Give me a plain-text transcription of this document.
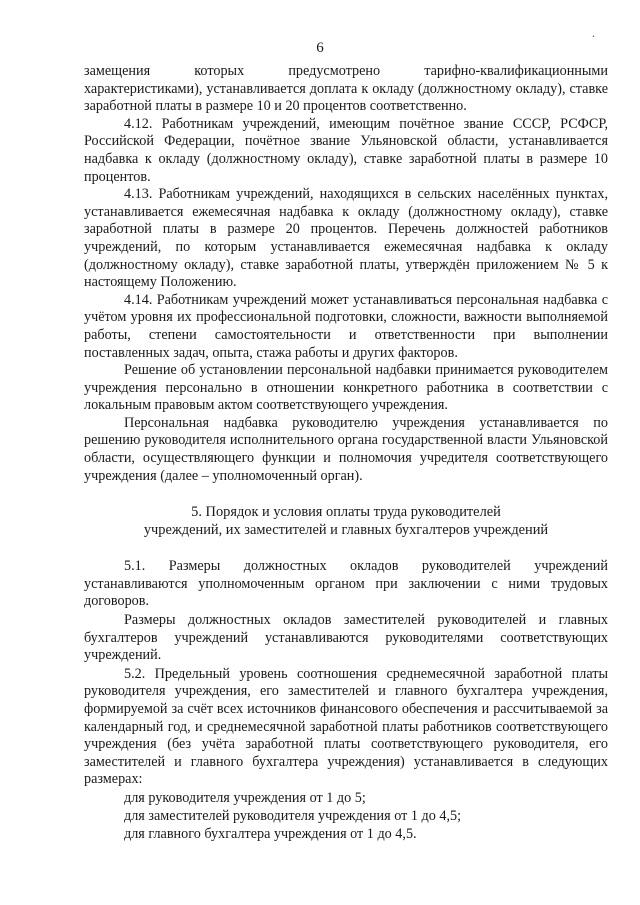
6
.

замещения которых предусмотрено тарифно-квалификационными характеристиками), устанавливается доплата к окладу (должностному окладу), ставке заработной платы в размере 10 и 20 процентов соответственно.

4.12. Работникам учреждений, имеющим почётное звание СССР, РСФСР, Российской Федерации, почётное звание Ульяновской области, устанавливается надбавка к окладу (должностному окладу), ставке заработной платы в размере 10 процентов.

4.13. Работникам учреждений, находящихся в сельских населённых пунктах, устанавливается ежемесячная надбавка к окладу (должностному окладу), ставке заработной платы в размере 20 процентов. Перечень должностей работников учреждений, по которым устанавливается ежемесячная надбавка к окладу (должностному окладу), ставке заработной платы, утверждён приложением № 5 к настоящему Положению.

4.14. Работникам учреждений может устанавливаться персональная надбавка с учётом уровня их профессиональной подготовки, сложности, важности выполняемой работы, степени самостоятельности и ответственности при выполнении поставленных задач, опыта, стажа работы и других факторов.

Решение об установлении персональной надбавки принимается руководителем учреждения персонально в отношении конкретного работника в соответствии с локальным правовым актом соответствующего учреждения.

Персональная надбавка руководителю учреждения устанавливается по решению руководителя исполнительного органа государственной власти Ульяновской области, осуществляющего функции и полномочия учредителя соответствующего учреждения (далее – уполномоченный орган).

5. Порядок и условия оплаты труда руководителей
учреждений, их заместителей и главных бухгалтеров учреждений

5.1. Размеры должностных окладов руководителей учреждений устанавливаются уполномоченным органом при заключении с ними трудовых договоров.

Размеры должностных окладов заместителей руководителей и главных бухгалтеров учреждений устанавливаются руководителями соответствующих учреждений.

5.2. Предельный уровень соотношения среднемесячной заработной платы руководителя учреждения, его заместителей и главного бухгалтера учреждения, формируемой за счёт всех источников финансового обеспечения и рассчитываемой за календарный год, и среднемесячной заработной платы работников соответствующего учреждения (без учёта заработной платы соответствующего руководителя, его заместителей и главного бухгалтера учреждения) устанавливается в следующих размерах:

для руководителя учреждения от 1 до 5;
для заместителей руководителя учреждения от 1 до 4,5;
для главного бухгалтера учреждения от 1 до 4,5.
